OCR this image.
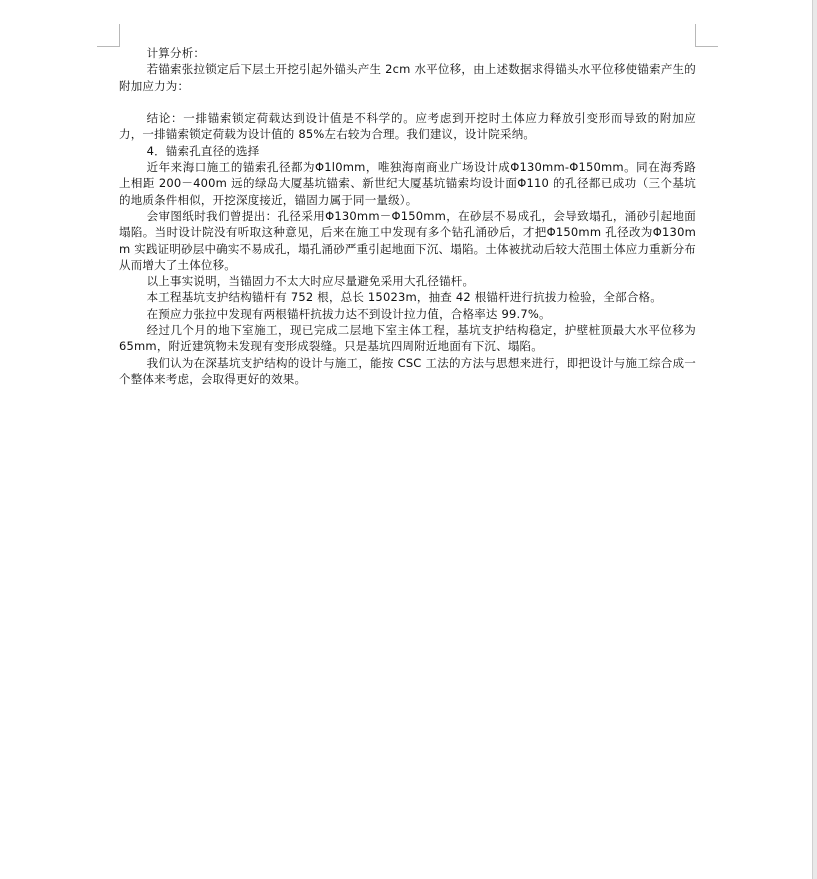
计算分析：

若锚索张拉锁定后下层土开挖引起外锚头产生 2cm 水平位移，由上述数据求得锚头水平位移使锚索产生的附加应力为：

结论：一排锚索锁定荷载达到设计值是不科学的。应考虑到开挖时土体应力释放引变形而导致的附加应力，一排锚索锁定荷载为设计值的 85%左右较为合理。我们建议，设计院采纳。

4．锚索孔直径的选择

近年来海口施工的锚索孔径都为Φ1l0mm，唯独海南商业广场设计成Φ130mm-Φ150mm。同在海秀路上相距 200－400m 远的绿岛大厦基坑锚索、新世纪大厦基坑锚索均设计面Φ110 的孔径都已成功（三个基坑的地质条件相似，开挖深度接近，锚固力属于同一量级）。

会审图纸时我们曾提出：孔径采用Φ130mm－Φ150mm，在砂层不易成孔，会导致塌孔，涌砂引起地面塌陷。当时设计院没有听取这种意见，后来在施工中发现有多个钻孔涌砂后，才把Φ150mm 孔径改为Φ130mm 实践证明砂层中确实不易成孔，塌孔涌砂严重引起地面下沉、塌陷。土体被扰动后较大范围土体应力重新分布从而增大了土体位移。

以上事实说明，当锚固力不太大时应尽量避免采用大孔径锚杆。

本工程基坑支护结构锚杆有 752 根，总长 15023m，抽查 42 根锚杆进行抗拔力检验，全部合格。

在预应力张拉中发现有两根锚杆抗拔力达不到设计拉力值，合格率达 99.7%。

经过几个月的地下室施工，现已完成二层地下室主体工程，基坑支护结构稳定，护壁桩顶最大水平位移为 65mm，附近建筑物未发现有变形成裂缝。只是基坑四周附近地面有下沉、塌陷。

我们认为在深基坑支护结构的设计与施工，能按 CSC 工法的方法与思想来进行，即把设计与施工综合成一个整体来考虑，会取得更好的效果。
